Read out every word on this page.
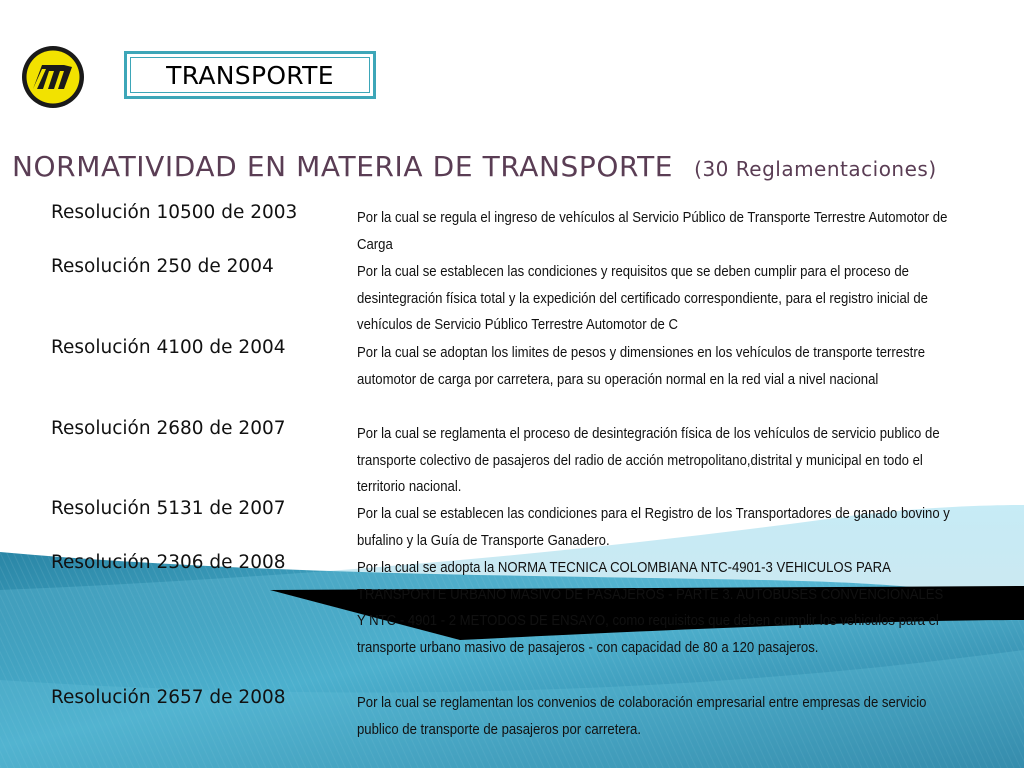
TRANSPORTE
NORMATIVIDAD EN MATERIA DE TRANSPORTE (30 Reglamentaciones)
Resolución 10500 de 2003	Por la cual se regula el ingreso de vehículos al Servicio Público de Transporte Terrestre Automotor de Carga
Resolución 250 de 2004	Por la cual se establecen las condiciones y requisitos que se deben cumplir para el proceso de desintegración física total y la expedición del certificado correspondiente, para el registro inicial de vehículos de Servicio Público Terrestre Automotor de C
Resolución 4100 de 2004	Por la cual se adoptan los limites de pesos y dimensiones en los vehículos de transporte terrestre automotor de carga por carretera, para su operación normal en la red vial a nivel nacional
Resolución 2680 de 2007	Por la cual se reglamenta el proceso de desintegración física de los vehículos de servicio publico de transporte colectivo de pasajeros del radio de acción metropolitano,distrital y municipal en todo el territorio nacional.
Resolución 5131 de 2007	Por la cual se establecen las condiciones para el Registro de los Transportadores de ganado bovino y bufalino y la Guía de Transporte Ganadero.
Resolución 2306 de 2008	Por la cual se adopta la NORMA TECNICA COLOMBIANA NTC-4901-3 VEHICULOS PARA TRANSPORTE URBANO MASIVO DE PASAJEROS - PARTE 3. AUTOBUSES CONVENCIONALES Y NTC - 4901 - 2 METODOS DE ENSAYO, como requisitos que deben cumplir los vehiculos para el transporte urbano masivo de pasajeros - con capacidad de 80 a 120 pasajeros.
Resolución 2657 de 2008	Por la cual se reglamentan los convenios de colaboración empresarial entre empresas de servicio publico de transporte de pasajeros por carretera.
